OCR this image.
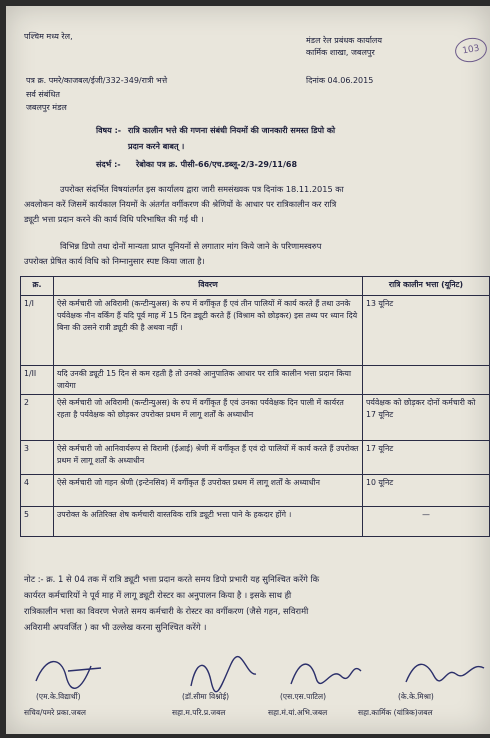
पश्चिम मध्य रेल,	मंडल रेल प्रबंधक कार्यालय
कार्मिक शाखा, जबलपुर	103
पत्र क्र. पमरे/काजबल/ईजी/332-349/रात्री भत्ते	दिनांक 04.06.2015
सर्व संबंधित
जबलपुर मंडल
विषय :- रात्रि कालीन भत्ते की गणना संबंधी नियमों की जानकारी समस्त डिपो को
प्रदान करने बाबत् ।
संदर्भ :- रेबोका पत्र क्र. पीसी-66/एच.डब्लू-2/3-29/11/68
उपरोक्त संदर्भित विषयांतर्गत इस कार्यालय द्वारा जारी समसंख्यक पत्र दिनांक 18.11.2015 का
अवलोकन करें जिसमें कार्यकाल नियमों के अंतर्गत वर्गीकरण की श्रेणियों के आधार पर रात्रिकालीन कर रात्रि
ड्यूटी भत्ता प्रदान करने की कार्य विधि परिभाषित की गई थी ।
विभिन्न डिपो तथा दोनों मान्यता प्राप्त यूनियनों से लगातार मांग किये जाने के परिणामस्वरुप
उपरोक्त प्रेषित कार्य विधि को निम्नानुसार स्पष्ट किया जाता है।
क्र.	विवरण	रात्रि कालीन भत्ता (यूनिट)
1/I	ऐसे कर्मचारी जो अविरामी (कन्टीन्युअस) के रुप में वर्गीकृत हैं एवं तीन पालियों में कार्य करते हैं तथा उनके पर्यवेक्षक नौन वर्किंग हैं यदि पूर्व माह में 15 दिन ड्यूटी करते हैं (विश्राम को छोड़कर) इस तथ्य पर ध्यान दिये बिना की उसने रात्री ड्यूटी की है अथवा नहीं ।	13 यूनिट
1/II	यदि उनकी ड्यूटी 15 दिन से कम रहती है तो उनको आनुपातिक आधार पर रात्रि कालीन भत्ता प्रदान किया जायेगा	
2	ऐसे कर्मचारी जो अविरामी (कन्टीन्युअस) के रुप में वर्गीकृत हैं एवं उनका पर्यवेक्षक दिन पाली में कार्यरत रहता है पर्यवेक्षक को छोड़कर उपरोक्त प्रथम में लागू शर्तों के अध्याधीन	पर्यवेक्षक को छोड़कर दोनों कर्मचारी को 17 यूनिट
3	ऐसे कर्मचारी जो आनिवार्यरूप से विरामी (ईआई) श्रेणी में वर्गीकृत हैं एवं दो पालियों में कार्य करते हैं उपरोक्त प्रथम में लागू शर्तों के अध्याधीन	17 यूनिट
4	ऐसे कर्मचारी जो गहन श्रेणी (इन्टेनसिव) में वर्गीकृत हैं उपरोक्त प्रथम में लागू शर्तों के अध्याधीन	10 यूनिट
5	उपरोक्त के अतिरिक्त शेष कर्मचारी वास्तविक रात्रि ड्यूटी भत्ता पाने के हकदार होंगे ।	—
नोट :- क्र. 1 से 04 तक में रात्रि ड्यूटी भत्ता प्रदान करते समय डिपो प्रभारी यह सुनिश्चित करेंगे कि
कार्यरत कर्मचारियों ने पूर्व माह में लागू ड्यूटी रोस्टर का अनुपालन किया है । इसके साथ ही
रात्रिकालीन भत्ता का विवरण भेजते समय कर्मचारी के रोस्टर का वर्गीकरण (जैसे गहन, सविरामी
अविरामी अपवर्जित ) का भी उल्लेख करना सुनिश्चित करेंगे ।
(एम.के.विद्यार्थी)
सचिव/पमरे प्रका.जबल
(डॉ.सीमा विश्नोई)
सहा.म.परि.प्र.जबल
(एस.एस.पाटिल)
सहा.मं.यां.अभि.जबल
(के.के.मिश्रा)
सहा.कार्मिक (यांत्रिक)जबल
